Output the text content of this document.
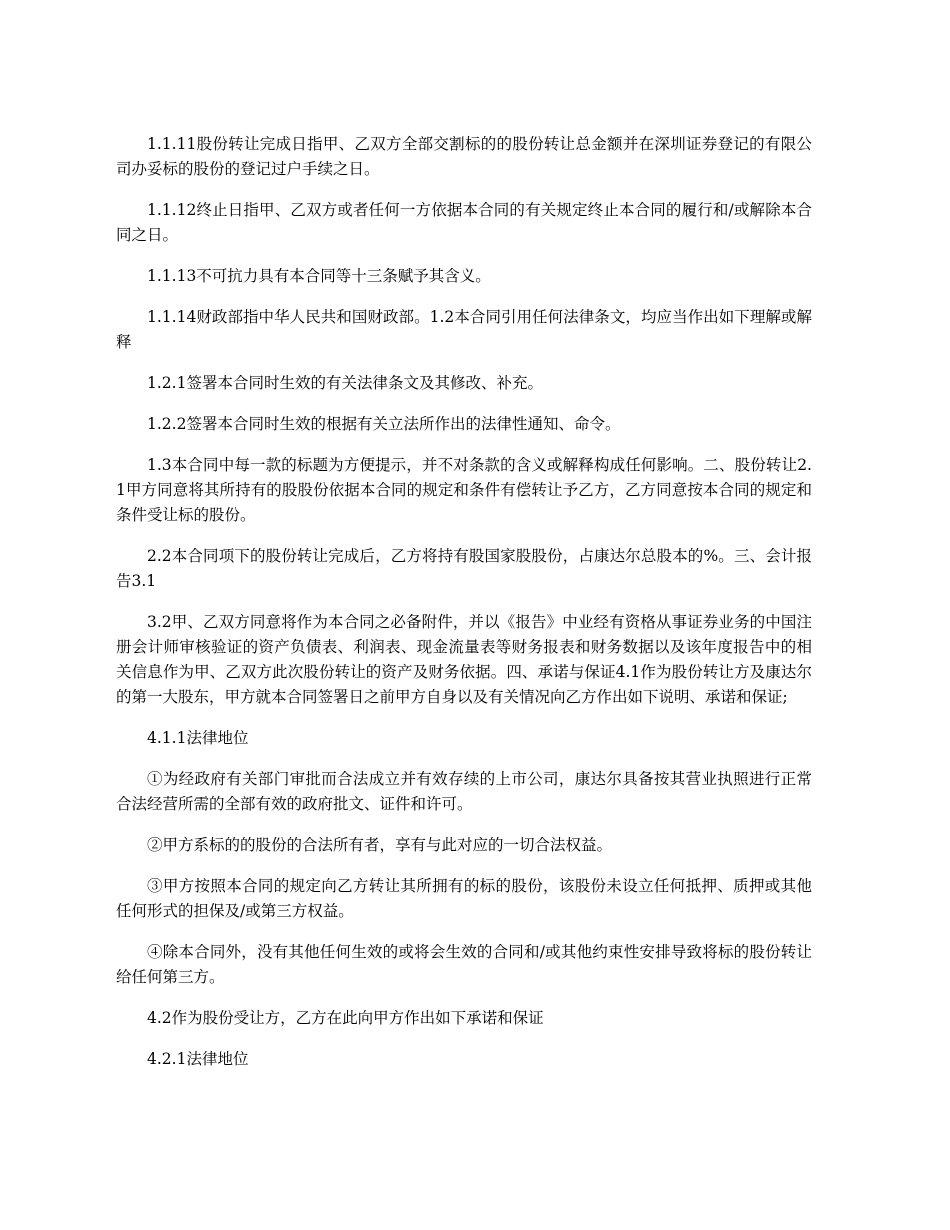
1.1.11股份转让完成日指甲、乙双方全部交割标的的股份转让总金额并在深圳证券登记的有限公司办妥标的股份的登记过户手续之日。

1.1.12终止日指甲、乙双方或者任何一方依据本合同的有关规定终止本合同的履行和/或解除本合同之日。

1.1.13不可抗力具有本合同等十三条赋予其含义。

1.1.14财政部指中华人民共和国财政部。1.2本合同引用任何法律条文，均应当作出如下理解或解释

1.2.1签署本合同时生效的有关法律条文及其修改、补充。

1.2.2签署本合同时生效的根据有关立法所作出的法律性通知、命令。

1.3本合同中每一款的标题为方便提示，并不对条款的含义或解释构成任何影响。二、股份转让2.1甲方同意将其所持有的股股份依据本合同的规定和条件有偿转让予乙方，乙方同意按本合同的规定和条件受让标的股份。

2.2本合同项下的股份转让完成后，乙方将持有股国家股股份，占康达尔总股本的%。三、会计报告3.1

3.2甲、乙双方同意将作为本合同之必备附件，并以《报告》中业经有资格从事证券业务的中国注册会计师审核验证的资产负债表、利润表、现金流量表等财务报表和财务数据以及该年度报告中的相关信息作为甲、乙双方此次股份转让的资产及财务依据。四、承诺与保证4.1作为股份转让方及康达尔的第一大股东，甲方就本合同签署日之前甲方自身以及有关情况向乙方作出如下说明、承诺和保证;

4.1.1法律地位

①为经政府有关部门审批而合法成立并有效存续的上市公司，康达尔具备按其营业执照进行正常合法经营所需的全部有效的政府批文、证件和许可。

②甲方系标的的股份的合法所有者，享有与此对应的一切合法权益。

③甲方按照本合同的规定向乙方转让其所拥有的标的股份，该股份未设立任何抵押、质押或其他任何形式的担保及/或第三方权益。

④除本合同外，没有其他任何生效的或将会生效的合同和/或其他约束性安排导致将标的股份转让给任何第三方。

4.2作为股份受让方，乙方在此向甲方作出如下承诺和保证

4.2.1法律地位
